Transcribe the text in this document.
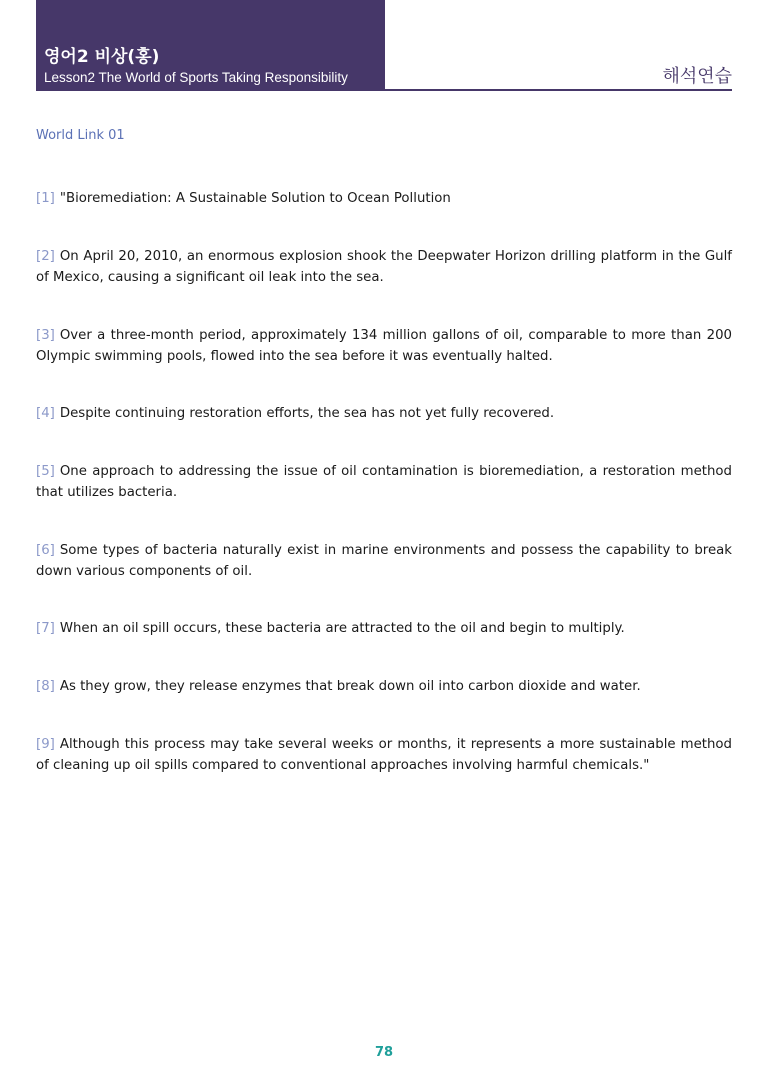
영어2 비상(홍)
Lesson2 The World of Sports Taking Responsibility	해석연습
World Link 01

[1] "Bioremediation: A Sustainable Solution to Ocean Pollution

[2] On April 20, 2010, an enormous explosion shook the Deepwater Horizon drilling platform in the Gulf of Mexico, causing a significant oil leak into the sea.

[3] Over a three-month period, approximately 134 million gallons of oil, comparable to more than 200 Olympic swimming pools, flowed into the sea before it was eventually halted.

[4] Despite continuing restoration efforts, the sea has not yet fully recovered.

[5] One approach to addressing the issue of oil contamination is bioremediation, a restoration method that utilizes bacteria.

[6] Some types of bacteria naturally exist in marine environments and possess the capability to break down various components of oil.

[7] When an oil spill occurs, these bacteria are attracted to the oil and begin to multiply.

[8] As they grow, they release enzymes that break down oil into carbon dioxide and water.

[9] Although this process may take several weeks or months, it represents a more sustainable method of cleaning up oil spills compared to conventional approaches involving harmful chemicals."

78
